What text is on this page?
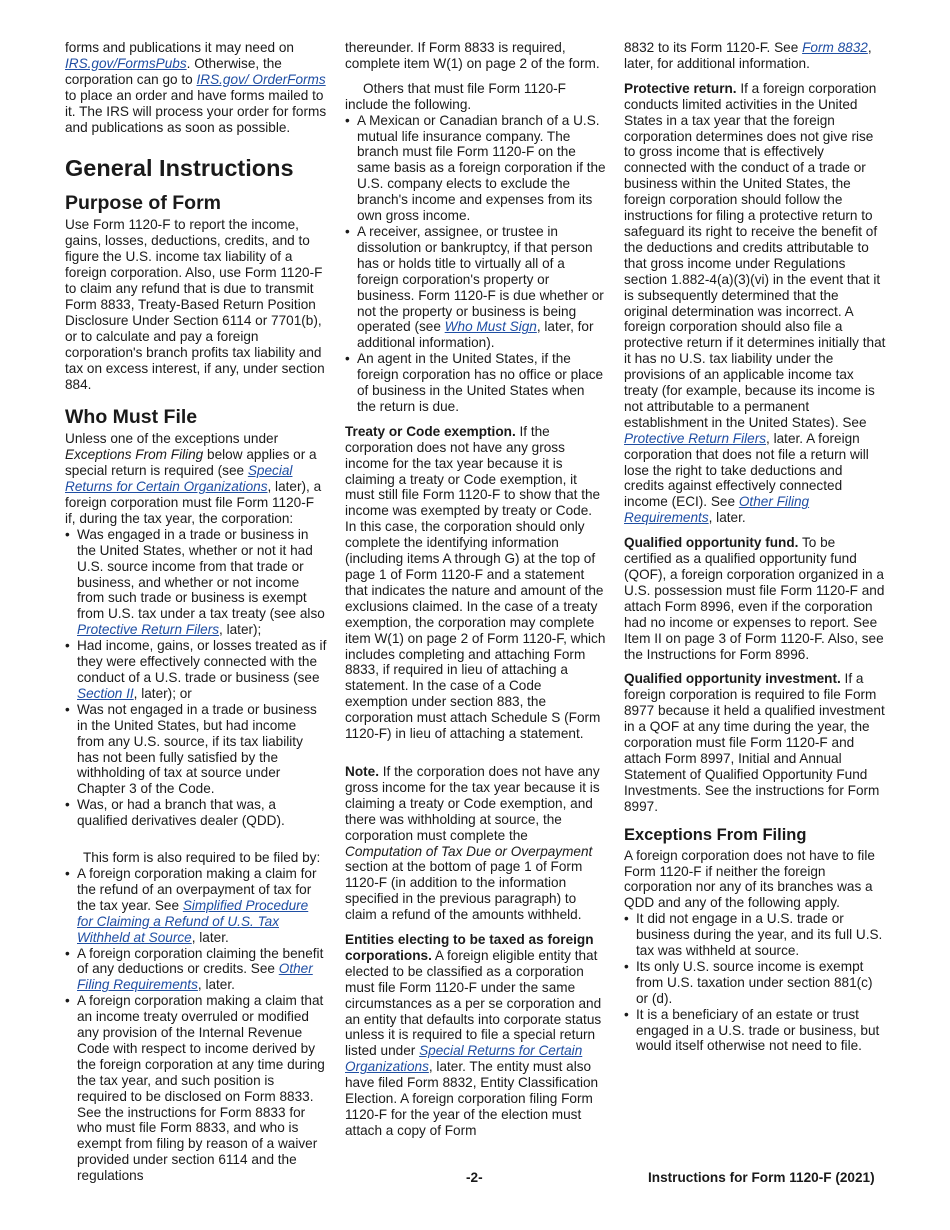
forms and publications it may need on IRS.gov/FormsPubs. Otherwise, the corporation can go to IRS.gov/ OrderForms to place an order and have forms mailed to it. The IRS will process your order for forms and publications as soon as possible.

General Instructions
Purpose of Form

Use Form 1120-F to report the income, gains, losses, deductions, credits, and to figure the U.S. income tax liability of a foreign corporation. Also, use Form 1120-F to claim any refund that is due to transmit Form 8833, Treaty-Based Return Position Disclosure Under Section 6114 or 7701(b), or to calculate and pay a foreign corporation's branch profits tax liability and tax on excess interest, if any, under section 884.

Who Must File

Unless one of the exceptions under Exceptions From Filing below applies or a special return is required (see Special Returns for Certain Organizations, later), a foreign corporation must file Form 1120-F if, during the tax year, the corporation:

• Was engaged in a trade or business in the United States, whether or not it had U.S. source income from that trade or business, and whether or not income from such trade or business is exempt from U.S. tax under a tax treaty (see also Protective Return Filers, later);

• Had income, gains, or losses treated as if they were effectively connected with the conduct of a U.S. trade or business (see Section II, later); or

• Was not engaged in a trade or business in the United States, but had income from any U.S. source, if its tax liability has not been fully satisfied by the withholding of tax at source under Chapter 3 of the Code.

• Was, or had a branch that was, a qualified derivatives dealer (QDD).

This form is also required to be filed by:

• A foreign corporation making a claim for the refund of an overpayment of tax for the tax year. See Simplified Procedure for Claiming a Refund of U.S. Tax Withheld at Source, later.

• A foreign corporation claiming the benefit of any deductions or credits. See Other Filing Requirements, later.

• A foreign corporation making a claim that an income treaty overruled or modified any provision of the Internal Revenue Code with respect to income derived by the foreign corporation at any time during the tax year, and such position is required to be disclosed on Form 8833. See the instructions for Form 8833 for who must file Form 8833, and who is exempt from filing by reason of a waiver provided under section 6114 and the regulations

thereunder. If Form 8833 is required, complete item W(1) on page 2 of the form.

Others that must file Form 1120-F include the following.

• A Mexican or Canadian branch of a U.S. mutual life insurance company. The branch must file Form 1120-F on the same basis as a foreign corporation if the U.S. company elects to exclude the branch's income and expenses from its own gross income.

• A receiver, assignee, or trustee in dissolution or bankruptcy, if that person has or holds title to virtually all of a foreign corporation's property or business. Form 1120-F is due whether or not the property or business is being operated (see Who Must Sign, later, for additional information).

• An agent in the United States, if the foreign corporation has no office or place of business in the United States when the return is due.

Treaty or Code exemption. If the corporation does not have any gross income for the tax year because it is claiming a treaty or Code exemption, it must still file Form 1120-F to show that the income was exempted by treaty or Code. In this case, the corporation should only complete the identifying information (including items A through G) at the top of page 1 of Form 1120-F and a statement that indicates the nature and amount of the exclusions claimed. In the case of a treaty exemption, the corporation may complete item W(1) on page 2 of Form 1120-F, which includes completing and attaching Form 8833, if required in lieu of attaching a statement. In the case of a Code exemption under section 883, the corporation must attach Schedule S (Form 1120-F) in lieu of attaching a statement.

Note. If the corporation does not have any gross income for the tax year because it is claiming a treaty or Code exemption, and there was withholding at source, the corporation must complete the Computation of Tax Due or Overpayment section at the bottom of page 1 of Form 1120-F (in addition to the information specified in the previous paragraph) to claim a refund of the amounts withheld.

Entities electing to be taxed as foreign corporations. A foreign eligible entity that elected to be classified as a corporation must file Form 1120-F under the same circumstances as a per se corporation and an entity that defaults into corporate status unless it is required to file a special return listed under Special Returns for Certain Organizations, later. The entity must also have filed Form 8832, Entity Classification Election. A foreign corporation filing Form 1120-F for the year of the election must attach a copy of Form

8832 to its Form 1120-F. See Form 8832, later, for additional information.

Protective return. If a foreign corporation conducts limited activities in the United States in a tax year that the foreign corporation determines does not give rise to gross income that is effectively connected with the conduct of a trade or business within the United States, the foreign corporation should follow the instructions for filing a protective return to safeguard its right to receive the benefit of the deductions and credits attributable to that gross income under Regulations section 1.882-4(a)(3)(vi) in the event that it is subsequently determined that the original determination was incorrect. A foreign corporation should also file a protective return if it determines initially that it has no U.S. tax liability under the provisions of an applicable income tax treaty (for example, because its income is not attributable to a permanent establishment in the United States). See Protective Return Filers, later. A foreign corporation that does not file a return will lose the right to take deductions and credits against effectively connected income (ECI). See Other Filing Requirements, later.

Qualified opportunity fund. To be certified as a qualified opportunity fund (QOF), a foreign corporation organized in a U.S. possession must file Form 1120-F and attach Form 8996, even if the corporation had no income or expenses to report. See Item II on page 3 of Form 1120-F. Also, see the Instructions for Form 8996.

Qualified opportunity investment. If a foreign corporation is required to file Form 8977 because it held a qualified investment in a QOF at any time during the year, the corporation must file Form 1120-F and attach Form 8997, Initial and Annual Statement of Qualified Opportunity Fund Investments. See the instructions for Form 8997.

Exceptions From Filing

A foreign corporation does not have to file Form 1120-F if neither the foreign corporation nor any of its branches was a QDD and any of the following apply.

• It did not engage in a U.S. trade or business during the year, and its full U.S. tax was withheld at source.

• Its only U.S. source income is exempt from U.S. taxation under section 881(c) or (d).

• It is a beneficiary of an estate or trust engaged in a U.S. trade or business, but would itself otherwise not need to file.

-2-	Instructions for Form 1120-F (2021)
